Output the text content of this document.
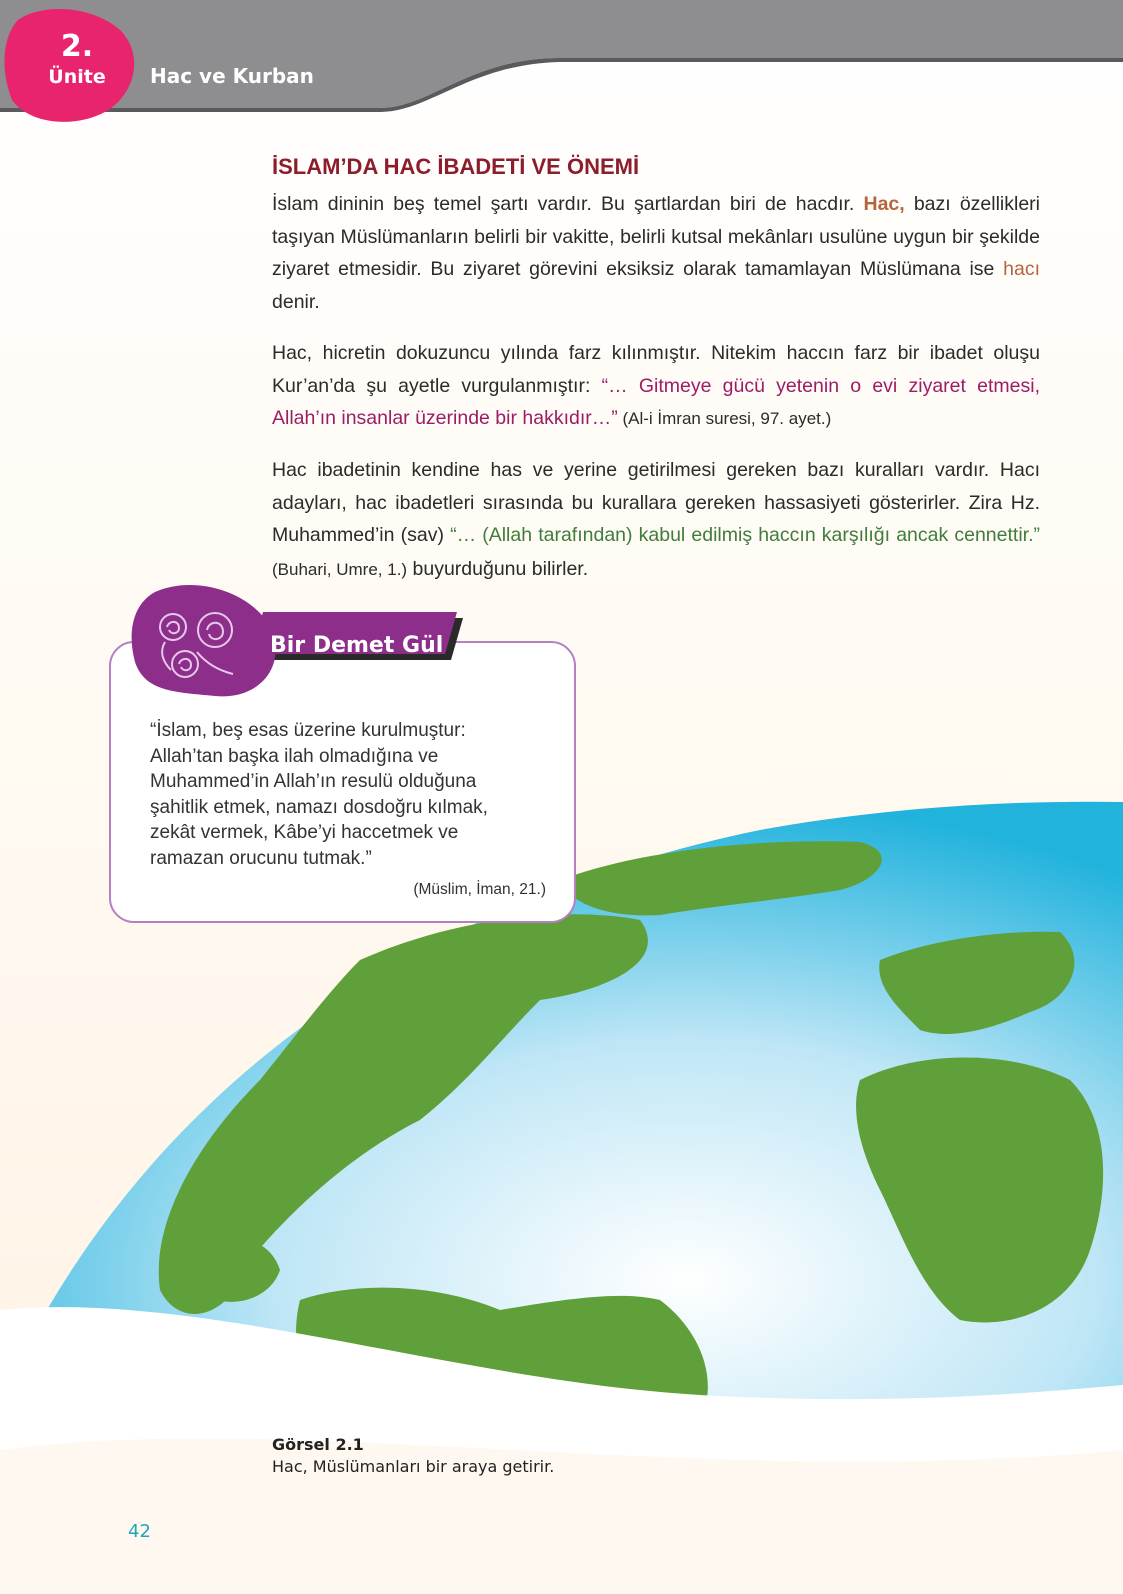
2.
Ünite	Hac ve Kurban
İSLAM’DA HAC İBADETİ VE ÖNEMİ

İslam dininin beş temel şartı vardır. Bu şartlardan biri de hacdır. Hac, bazı özellikleri taşıyan Müslümanların belirli bir vakitte, belirli kutsal mekânları usulüne uygun bir şekilde ziyaret etmesidir. Bu ziyaret görevini eksiksiz olarak tamamlayan Müslümana ise hacı denir.

Hac, hicretin dokuzuncu yılında farz kılınmıştır. Nitekim haccın farz bir ibadet oluşu Kur’an’da şu ayetle vurgulanmıştır: “… Gitmeye gücü yetenin o evi ziyaret etmesi, Allah’ın insanlar üzerinde bir hakkıdır…” (Al-i İmran suresi, 97. ayet.)

Hac ibadetinin kendine has ve yerine getirilmesi gereken bazı kuralları vardır. Hacı adayları, hac ibadetleri sırasında bu kurallara gereken hassasiyeti gösterirler. Zira Hz. Muhammed’in (sav) “… (Allah tarafından) kabul edilmiş haccın karşılığı ancak cennettir.” (Buhari, Umre, 1.) buyurduğunu bilirler.

Bir Demet Gül

“İslam, beş esas üzerine kurulmuştur:
Allah’tan başka ilah olmadığına ve
Muhammed’in Allah’ın resulü olduğuna
şahitlik etmek, namazı dosdoğru kılmak,
zekât vermek, Kâbe’yi haccetmek ve
ramazan orucunu tutmak.”

(Müslim, İman, 21.)
Görsel 2.1
Hac, Müslümanları bir araya getirir.
42
